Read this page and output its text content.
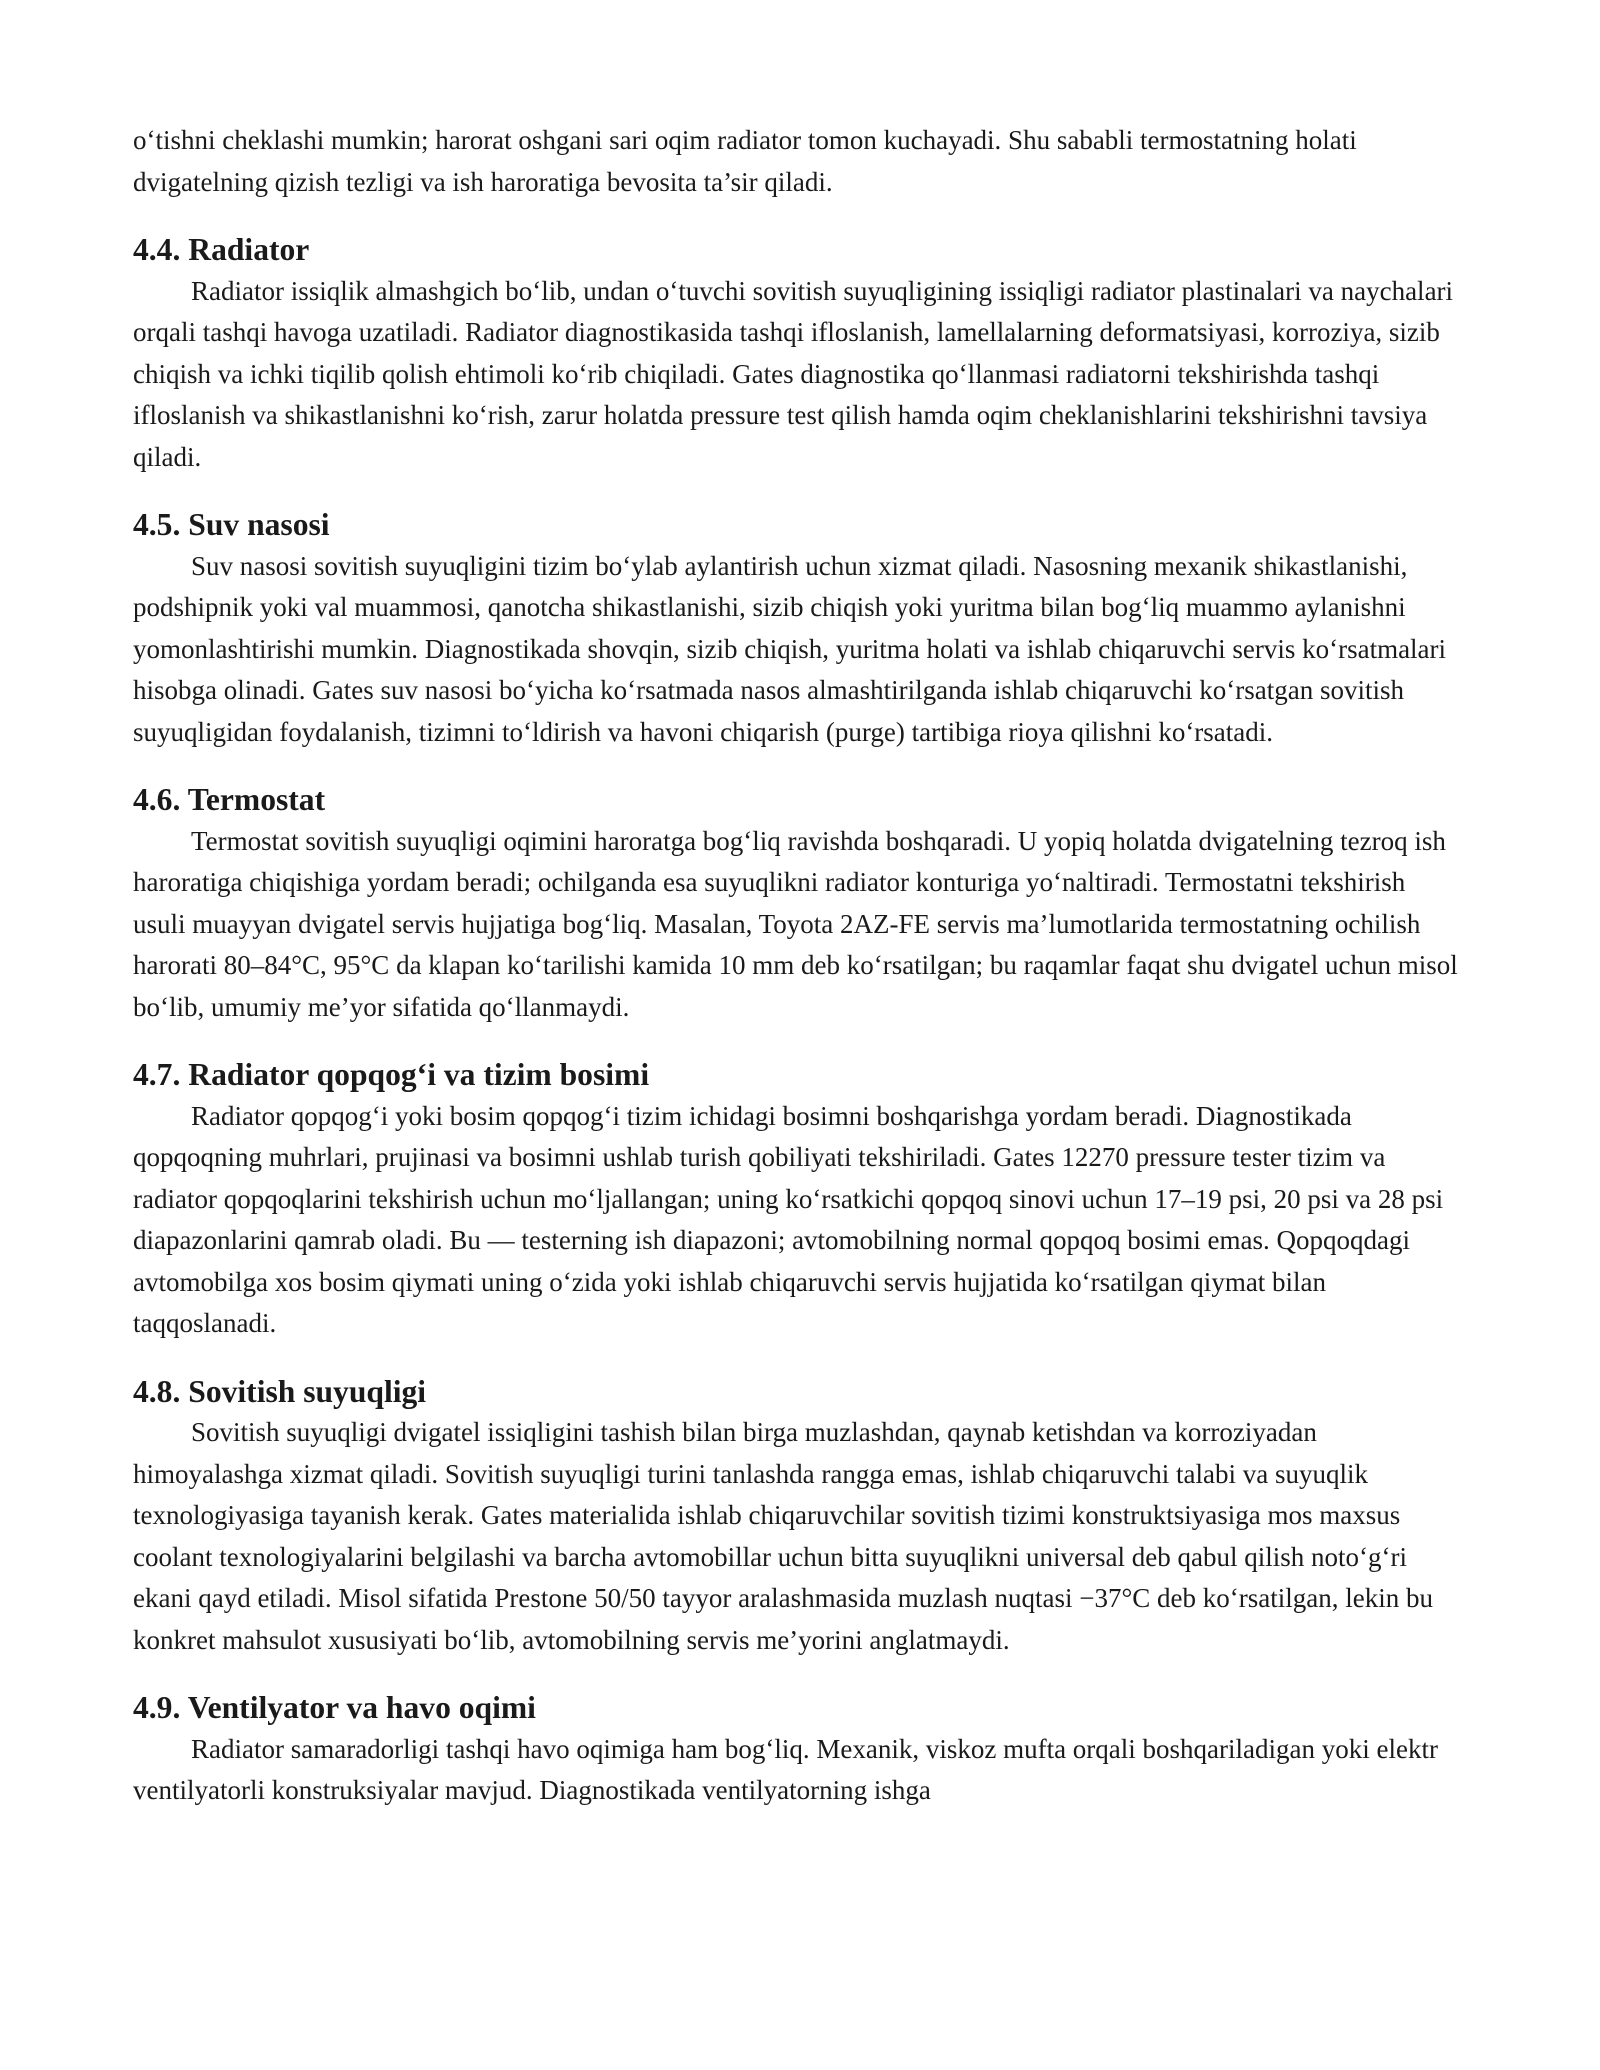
o‘tishni cheklashi mumkin; harorat oshgani sari oqim radiator tomon kuchayadi. Shu sababli termostatning holati dvigatelning qizish tezligi va ish haroratiga bevosita ta’sir qiladi.

4.4. Radiator

Radiator issiqlik almashgich bo‘lib, undan o‘tuvchi sovitish suyuqligining issiqligi radiator plastinalari va naychalari orqali tashqi havoga uzatiladi. Radiator diagnostikasida tashqi ifloslanish, lamellalarning deformatsiyasi, korroziya, sizib chiqish va ichki tiqilib qolish ehtimoli ko‘rib chiqiladi. Gates diagnostika qo‘llanmasi radiatorni tekshirishda tashqi ifloslanish va shikastlanishni ko‘rish, zarur holatda pressure test qilish hamda oqim cheklanishlarini tekshirishni tavsiya qiladi.

4.5. Suv nasosi

Suv nasosi sovitish suyuqligini tizim bo‘ylab aylantirish uchun xizmat qiladi. Nasosning mexanik shikastlanishi, podshipnik yoki val muammosi, qanotcha shikastlanishi, sizib chiqish yoki yuritma bilan bog‘liq muammo aylanishni yomonlashtirishi mumkin. Diagnostikada shovqin, sizib chiqish, yuritma holati va ishlab chiqaruvchi servis ko‘rsatmalari hisobga olinadi. Gates suv nasosi bo‘yicha ko‘rsatmada nasos almashtirilganda ishlab chiqaruvchi ko‘rsatgan sovitish suyuqligidan foydalanish, tizimni to‘ldirish va havoni chiqarish (purge) tartibiga rioya qilishni ko‘rsatadi.

4.6. Termostat

Termostat sovitish suyuqligi oqimini haroratga bog‘liq ravishda boshqaradi. U yopiq holatda dvigatelning tezroq ish haroratiga chiqishiga yordam beradi; ochilganda esa suyuqlikni radiator konturiga yo‘naltiradi. Termostatni tekshirish usuli muayyan dvigatel servis hujjatiga bog‘liq. Masalan, Toyota 2AZ-FE servis ma’lumotlarida termostatning ochilish harorati 80–84°C, 95°C da klapan ko‘tarilishi kamida 10 mm deb ko‘rsatilgan; bu raqamlar faqat shu dvigatel uchun misol bo‘lib, umumiy me’yor sifatida qo‘llanmaydi.

4.7. Radiator qopqog‘i va tizim bosimi

Radiator qopqog‘i yoki bosim qopqog‘i tizim ichidagi bosimni boshqarishga yordam beradi. Diagnostikada qopqoqning muhrlari, prujinasi va bosimni ushlab turish qobiliyati tekshiriladi. Gates 12270 pressure tester tizim va radiator qopqoqlarini tekshirish uchun mo‘ljallangan; uning ko‘rsatkichi qopqoq sinovi uchun 17–19 psi, 20 psi va 28 psi diapazonlarini qamrab oladi. Bu — testerning ish diapazoni; avtomobilning normal qopqoq bosimi emas. Qopqoqdagi avtomobilga xos bosim qiymati uning o‘zida yoki ishlab chiqaruvchi servis hujjatida ko‘rsatilgan qiymat bilan taqqoslanadi.

4.8. Sovitish suyuqligi

Sovitish suyuqligi dvigatel issiqligini tashish bilan birga muzlashdan, qaynab ketishdan va korroziyadan himoyalashga xizmat qiladi. Sovitish suyuqligi turini tanlashda rangga emas, ishlab chiqaruvchi talabi va suyuqlik texnologiyasiga tayanish kerak. Gates materialida ishlab chiqaruvchilar sovitish tizimi konstruktsiyasiga mos maxsus coolant texnologiyalarini belgilashi va barcha avtomobillar uchun bitta suyuqlikni universal deb qabul qilish noto‘g‘ri ekani qayd etiladi. Misol sifatida Prestone 50/50 tayyor aralashmasida muzlash nuqtasi −37°C deb ko‘rsatilgan, lekin bu konkret mahsulot xususiyati bo‘lib, avtomobilning servis me’yorini anglatmaydi.

4.9. Ventilyator va havo oqimi

Radiator samaradorligi tashqi havo oqimiga ham bog‘liq. Mexanik, viskoz mufta orqali boshqariladigan yoki elektr ventilyatorli konstruksiyalar mavjud. Diagnostikada ventilyatorning ishga
